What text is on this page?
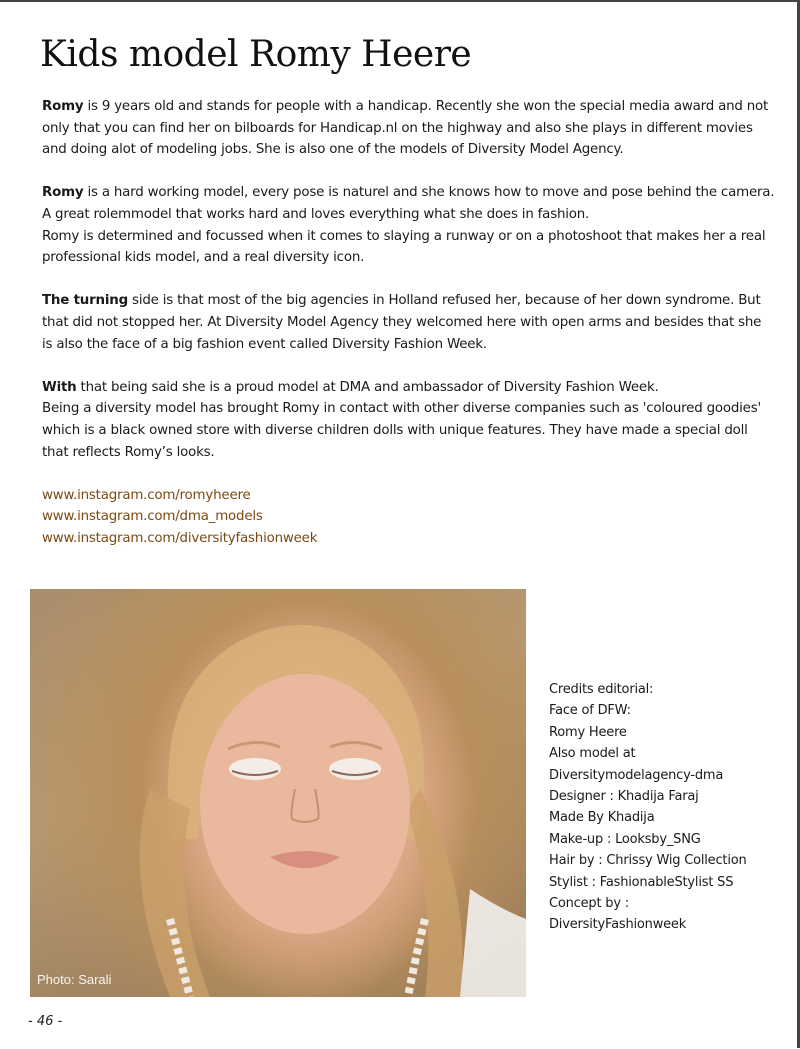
Kids model Romy Heere

Romy is 9 years old and stands for people with a handicap. Recently she won the special media award and not
only that you can find her on bilboards for Handicap.nl on the highway and also she plays in different movies
and doing alot of modeling jobs. She is also one of the models of Diversity Model Agency.

Romy is a hard working model, every pose is naturel and she knows how to move and pose behind the camera.
A great rolemmodel that works hard and loves everything what she does in fashion.
Romy is determined and focussed when it comes to slaying a runway or on a photoshoot that makes her a real
professional kids model, and a real diversity icon.

The turning side is that most of the big agencies in Holland refused her, because of her down syndrome. But
that did not stopped her. At Diversity Model Agency they welcomed here with open arms and besides that she
is also the face of a big fashion event called Diversity Fashion Week.

With that being said she is a proud model at DMA and ambassador of Diversity Fashion Week.
Being a diversity model has brought Romy in contact with other diverse companies such as 'coloured goodies'
which is a black owned store with diverse children dolls with unique features. They have made a special doll
that reflects Romy’s looks.

www.instagram.com/romyheere
www.instagram.com/dma_models
www.instagram.com/diversityfashionweek
Photo: Sarali
Credits editorial:
Face of DFW:
Romy Heere
Also model at
Diversitymodelagency-dma
Designer : Khadija Faraj
Made By Khadija
Make-up : Looksby_SNG
Hair by : Chrissy Wig Collection
Stylist : FashionableStylist SS
Concept by :
DiversityFashionweek
- 46 -
